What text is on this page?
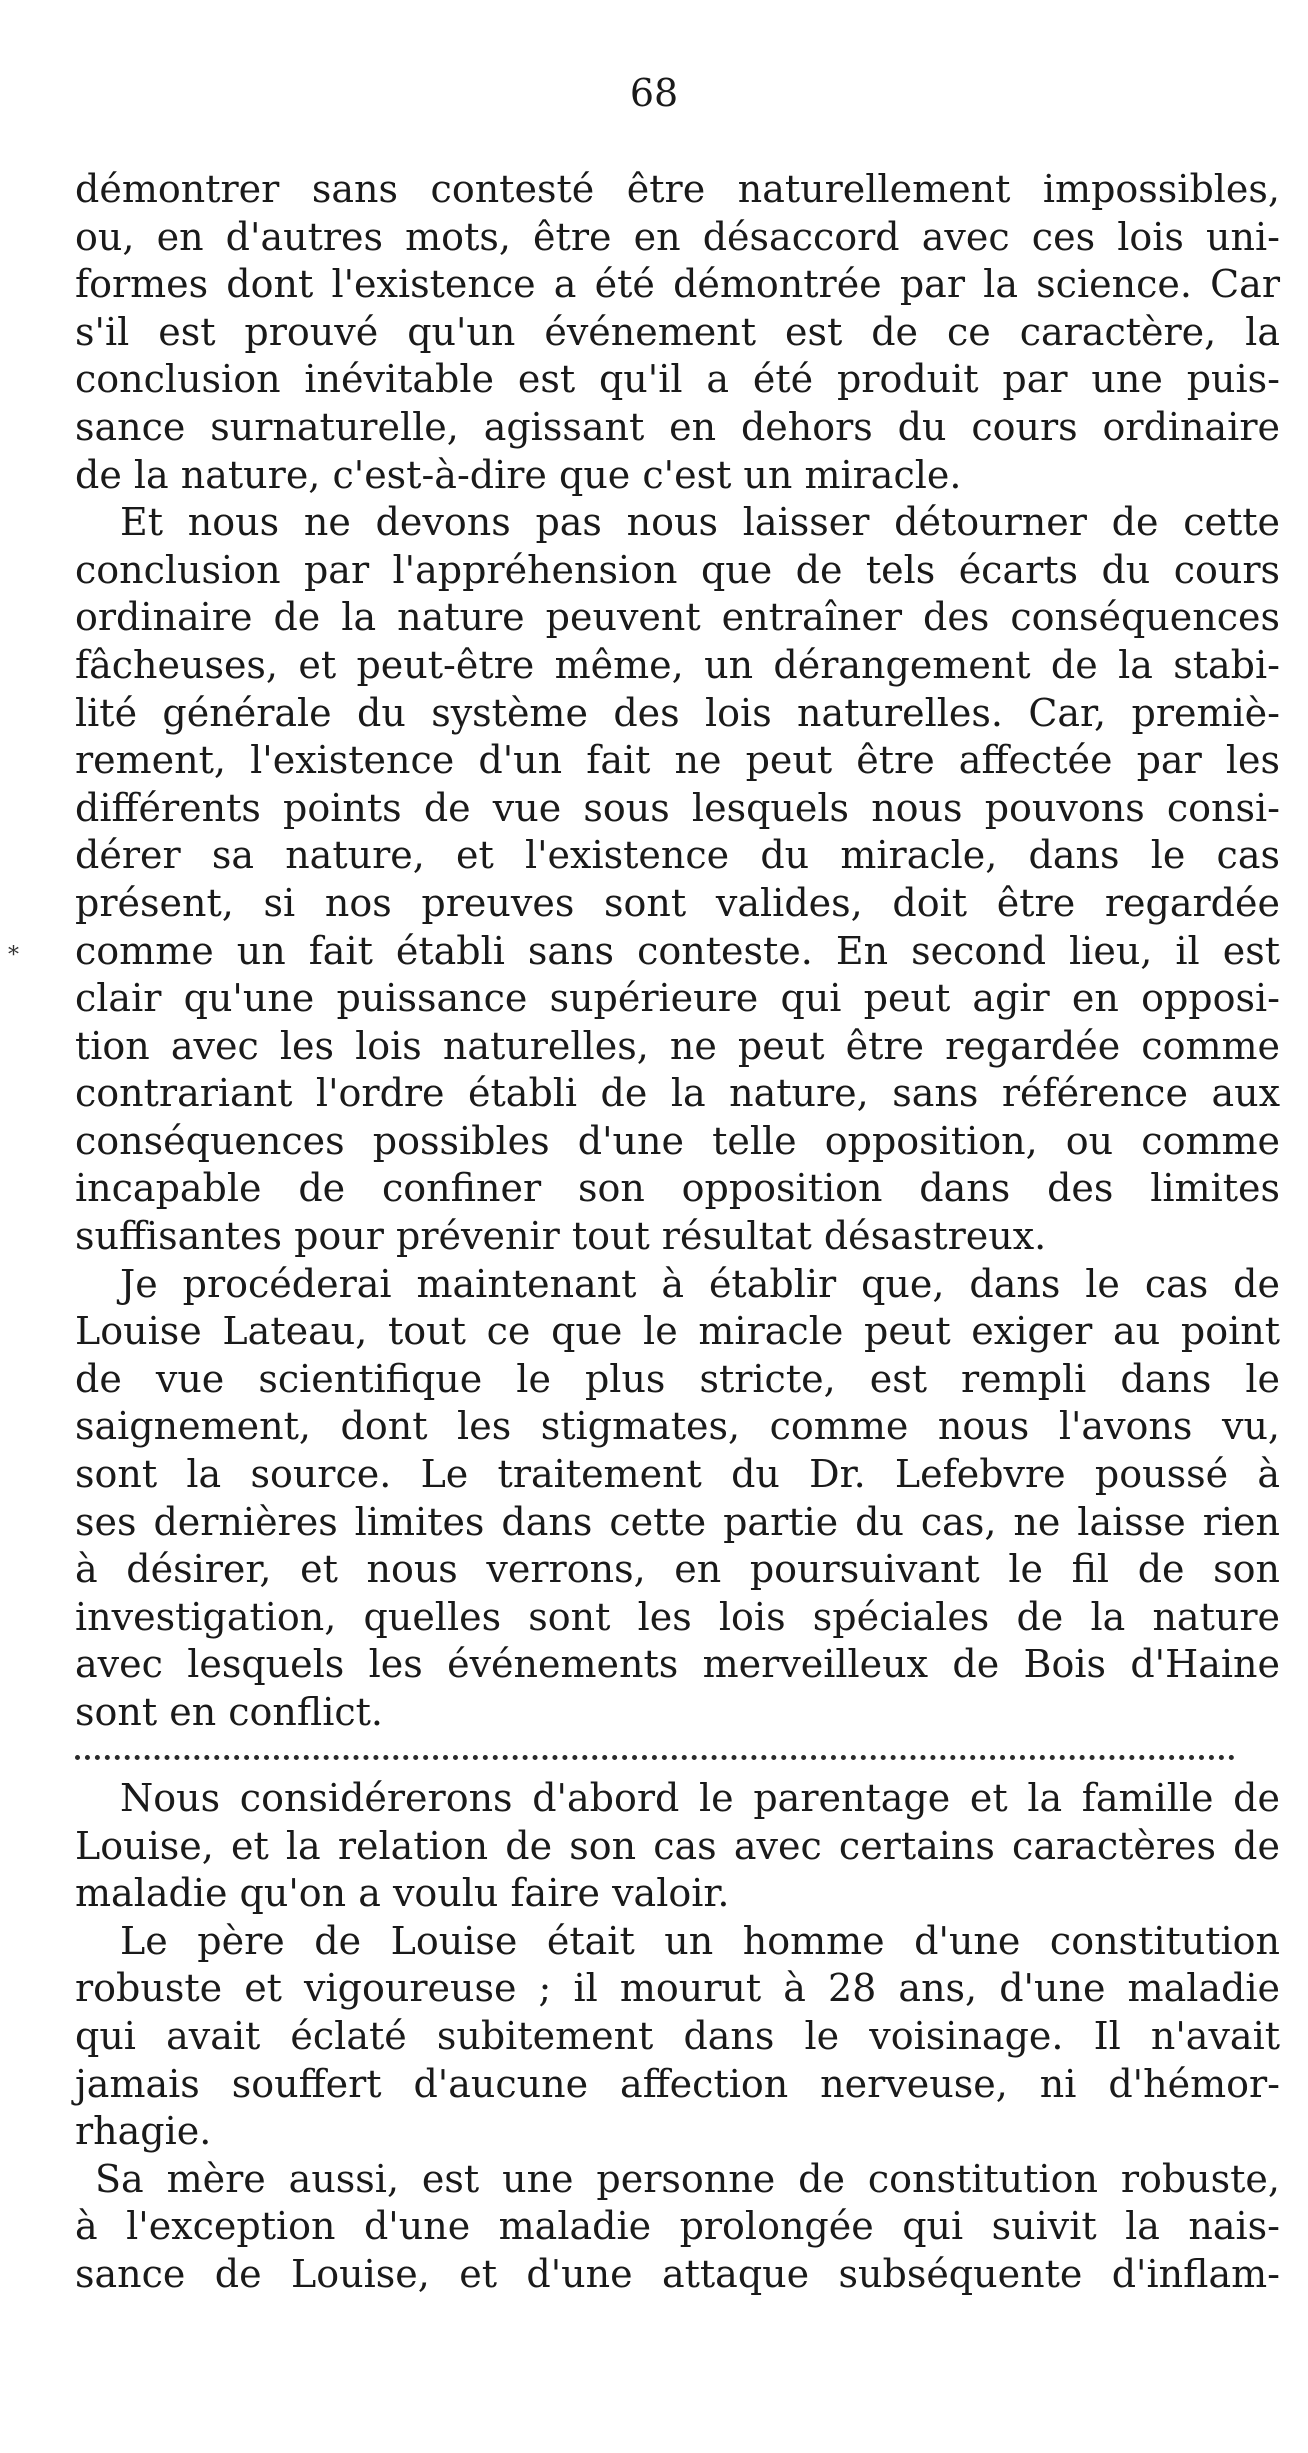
68
*
démontrer sans contesté être naturellement impossibles,
ou, en d'autres mots, être en désaccord avec ces lois uni-
formes dont l'existence a été démontrée par la science. Car
s'il est prouvé qu'un événement est de ce caractère, la
conclusion inévitable est qu'il a été produit par une puis-
sance surnaturelle, agissant en dehors du cours ordinaire
de la nature, c'est-à-dire que c'est un miracle.
Et nous ne devons pas nous laisser détourner de cette
conclusion par l'appréhension que de tels écarts du cours
ordinaire de la nature peuvent entraîner des conséquences
fâcheuses, et peut-être même, un dérangement de la stabi-
lité générale du système des lois naturelles. Car, premiè-
rement, l'existence d'un fait ne peut être affectée par les
différents points de vue sous lesquels nous pouvons consi-
dérer sa nature, et l'existence du miracle, dans le cas
présent, si nos preuves sont valides, doit être regardée
comme un fait établi sans conteste. En second lieu, il est
clair qu'une puissance supérieure qui peut agir en opposi-
tion avec les lois naturelles, ne peut être regardée comme
contrariant l'ordre établi de la nature, sans référence aux
conséquences possibles d'une telle opposition, ou comme
incapable de confiner son opposition dans des limites
suffisantes pour prévenir tout résultat désastreux.
Je procéderai maintenant à établir que, dans le cas de
Louise Lateau, tout ce que le miracle peut exiger au point
de vue scientifique le plus stricte, est rempli dans le
saignement, dont les stigmates, comme nous l'avons vu,
sont la source. Le traitement du Dr. Lefebvre poussé à
ses dernières limites dans cette partie du cas, ne laisse rien
à désirer, et nous verrons, en poursuivant le fil de son
investigation, quelles sont les lois spéciales de la nature
avec lesquels les événements merveilleux de Bois d'Haine
sont en conflict.
Nous considérerons d'abord le parentage et la famille de
Louise, et la relation de son cas avec certains caractères de
maladie qu'on a voulu faire valoir.
Le père de Louise était un homme d'une constitution
robuste et vigoureuse ; il mourut à 28 ans, d'une maladie
qui avait éclaté subitement dans le voisinage. Il n'avait
jamais souffert d'aucune affection nerveuse, ni d'hémor-
rhagie.
Sa mère aussi, est une personne de constitution robuste,
à l'exception d'une maladie prolongée qui suivit la nais-
sance de Louise, et d'une attaque subséquente d'inflam-
